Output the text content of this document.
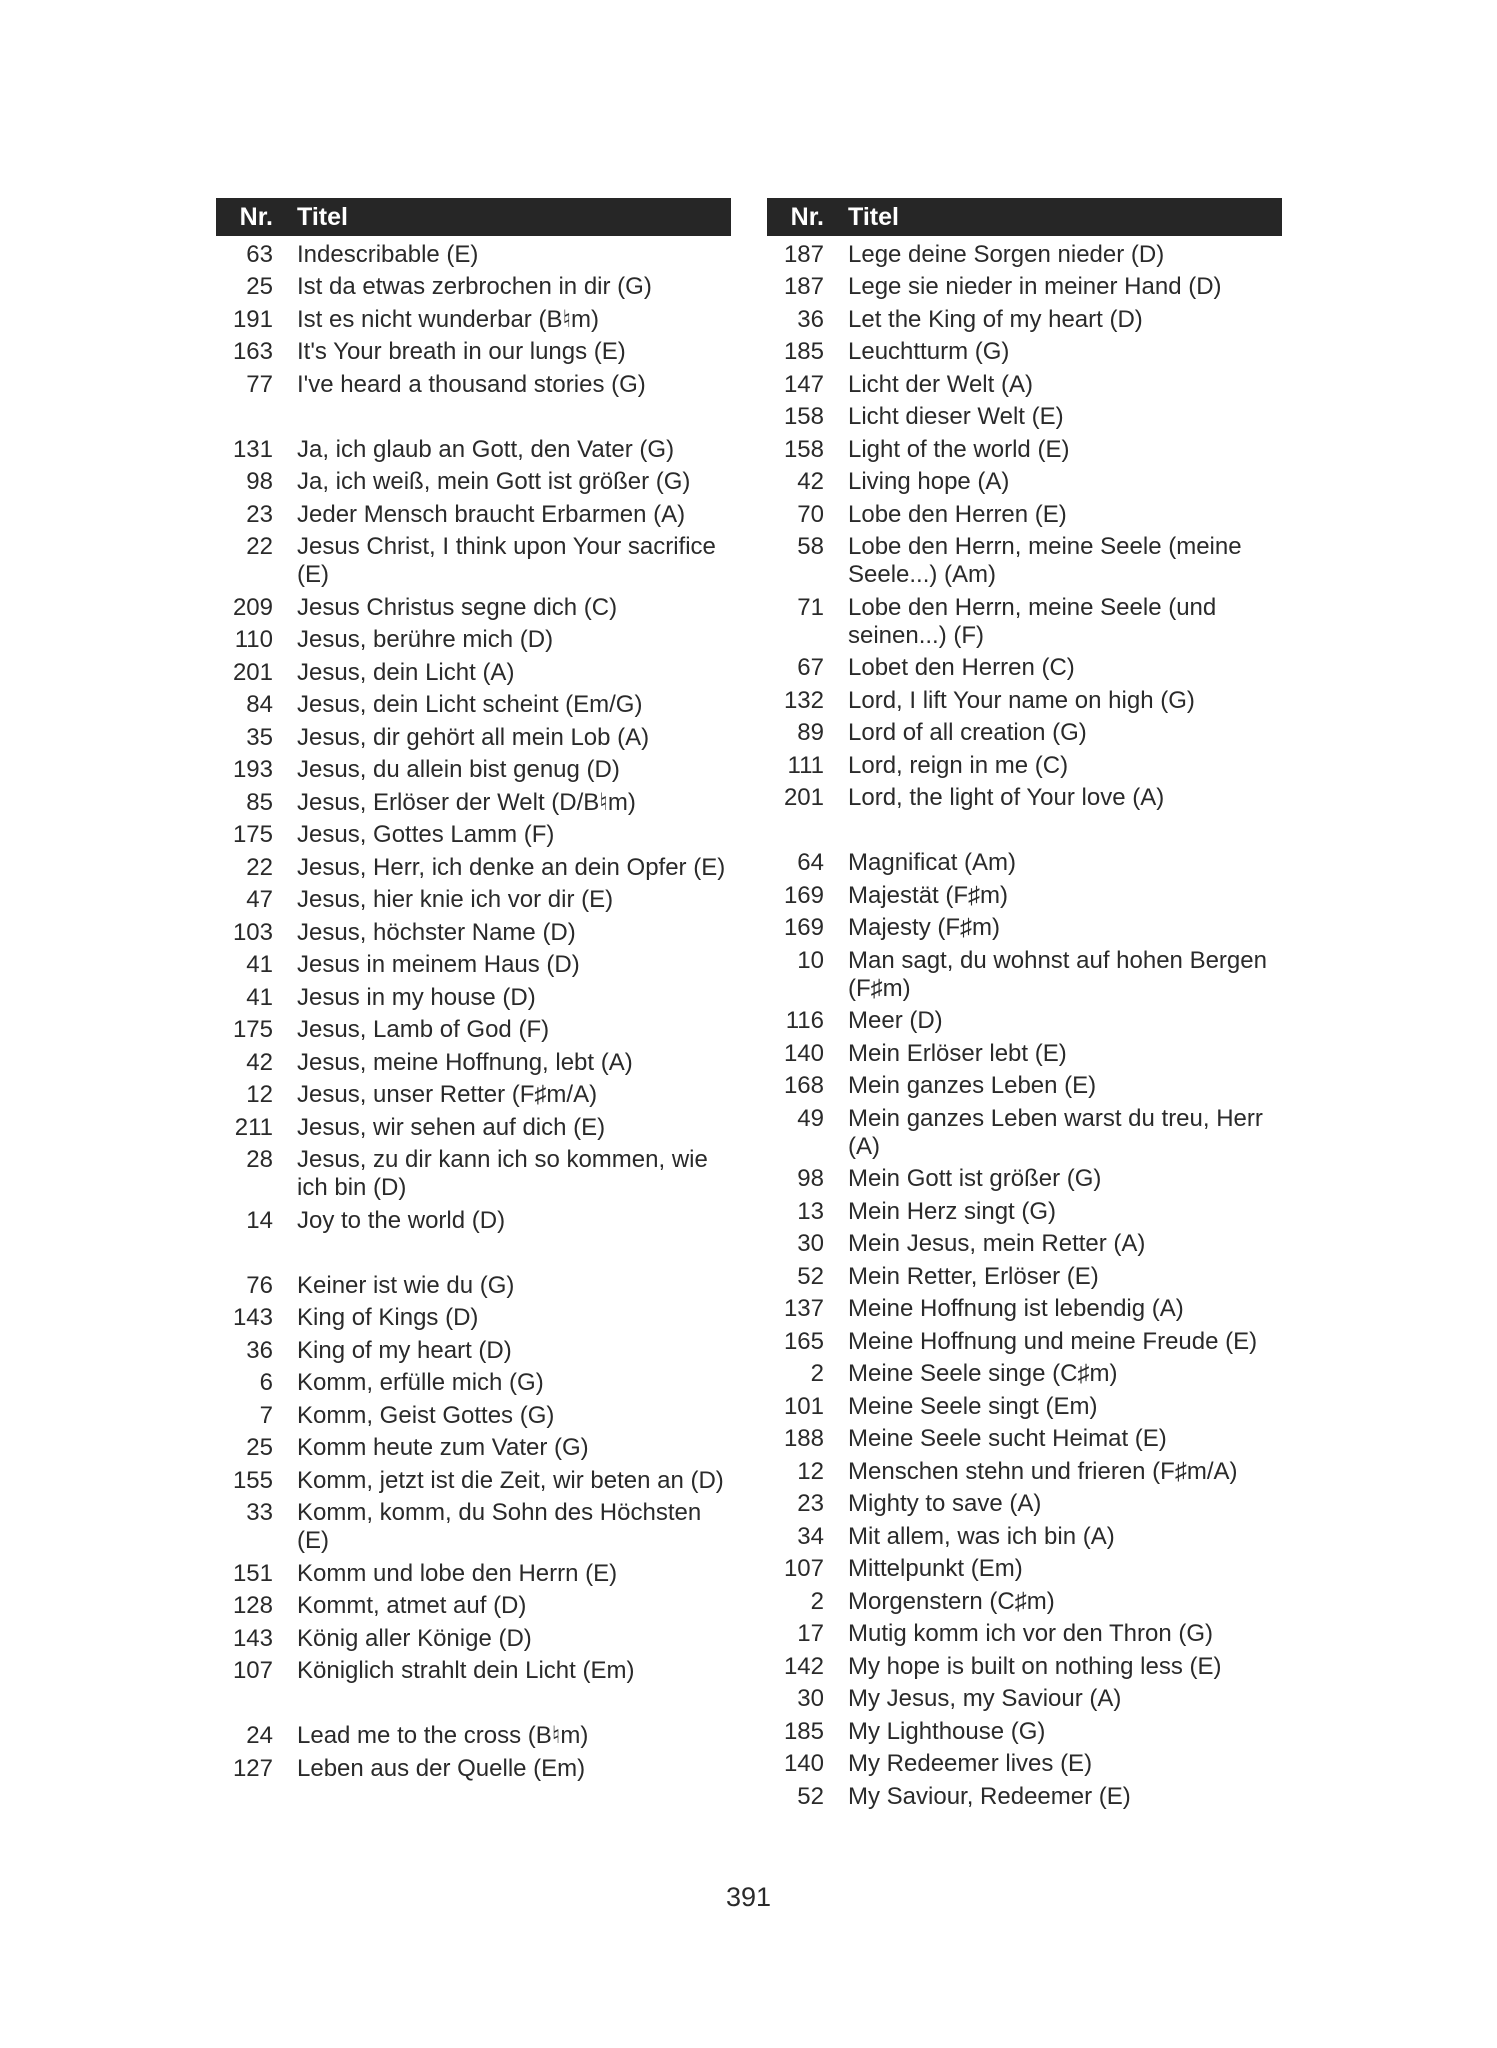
Nr. Titel
63	Indescribable (E)
25	Ist da etwas zerbrochen in dir (G)
191	Ist es nicht wunderbar (B♮m)
163	It's Your breath in our lungs (E)
77	I've heard a thousand stories (G)
131	Ja, ich glaub an Gott, den Vater (G)
98	Ja, ich weiß, mein Gott ist größer (G)
23	Jeder Mensch braucht Erbarmen (A)
22	Jesus Christ, I think upon Your sacrifice (E)
209	Jesus Christus segne dich (C)
110	Jesus, berühre mich (D)
201	Jesus, dein Licht (A)
84	Jesus, dein Licht scheint (Em/G)
35	Jesus, dir gehört all mein Lob (A)
193	Jesus, du allein bist genug (D)
85	Jesus, Erlöser der Welt (D/B♮m)
175	Jesus, Gottes Lamm (F)
22	Jesus, Herr, ich denke an dein Opfer (E)
47	Jesus, hier knie ich vor dir (E)
103	Jesus, höchster Name (D)
41	Jesus in meinem Haus (D)
41	Jesus in my house (D)
175	Jesus, Lamb of God (F)
42	Jesus, meine Hoffnung, lebt (A)
12	Jesus, unser Retter (F♯m/A)
211	Jesus, wir sehen auf dich (E)
28	Jesus, zu dir kann ich so kommen, wie ich bin (D)
14	Joy to the world (D)
76	Keiner ist wie du (G)
143	King of Kings (D)
36	King of my heart (D)
6	Komm, erfülle mich (G)
7	Komm, Geist Gottes (G)
25	Komm heute zum Vater (G)
155	Komm, jetzt ist die Zeit, wir beten an (D)
33	Komm, komm, du Sohn des Höchsten (E)
151	Komm und lobe den Herrn (E)
128	Kommt, atmet auf (D)
143	König aller Könige (D)
107	Königlich strahlt dein Licht (Em)
24	Lead me to the cross (B♮m)
127	Leben aus der Quelle (Em)
Nr. Titel
187	Lege deine Sorgen nieder (D)
187	Lege sie nieder in meiner Hand (D)
36	Let the King of my heart (D)
185	Leuchtturm (G)
147	Licht der Welt (A)
158	Licht dieser Welt (E)
158	Light of the world (E)
42	Living hope (A)
70	Lobe den Herren (E)
58	Lobe den Herrn, meine Seele (meine Seele...) (Am)
71	Lobe den Herrn, meine Seele (und seinen...) (F)
67	Lobet den Herren (C)
132	Lord, I lift Your name on high (G)
89	Lord of all creation (G)
111	Lord, reign in me (C)
201	Lord, the light of Your love (A)
64	Magnificat (Am)
169	Majestät (F♯m)
169	Majesty (F♯m)
10	Man sagt, du wohnst auf hohen Bergen (F♯m)
116	Meer (D)
140	Mein Erlöser lebt (E)
168	Mein ganzes Leben (E)
49	Mein ganzes Leben warst du treu, Herr (A)
98	Mein Gott ist größer (G)
13	Mein Herz singt (G)
30	Mein Jesus, mein Retter (A)
52	Mein Retter, Erlöser (E)
137	Meine Hoffnung ist lebendig (A)
165	Meine Hoffnung und meine Freude (E)
2	Meine Seele singe (C♯m)
101	Meine Seele singt (Em)
188	Meine Seele sucht Heimat (E)
12	Menschen stehn und frieren (F♯m/A)
23	Mighty to save (A)
34	Mit allem, was ich bin (A)
107	Mittelpunkt (Em)
2	Morgenstern (C♯m)
17	Mutig komm ich vor den Thron (G)
142	My hope is built on nothing less (E)
30	My Jesus, my Saviour (A)
185	My Lighthouse (G)
140	My Redeemer lives (E)
52	My Saviour, Redeemer (E)
391
